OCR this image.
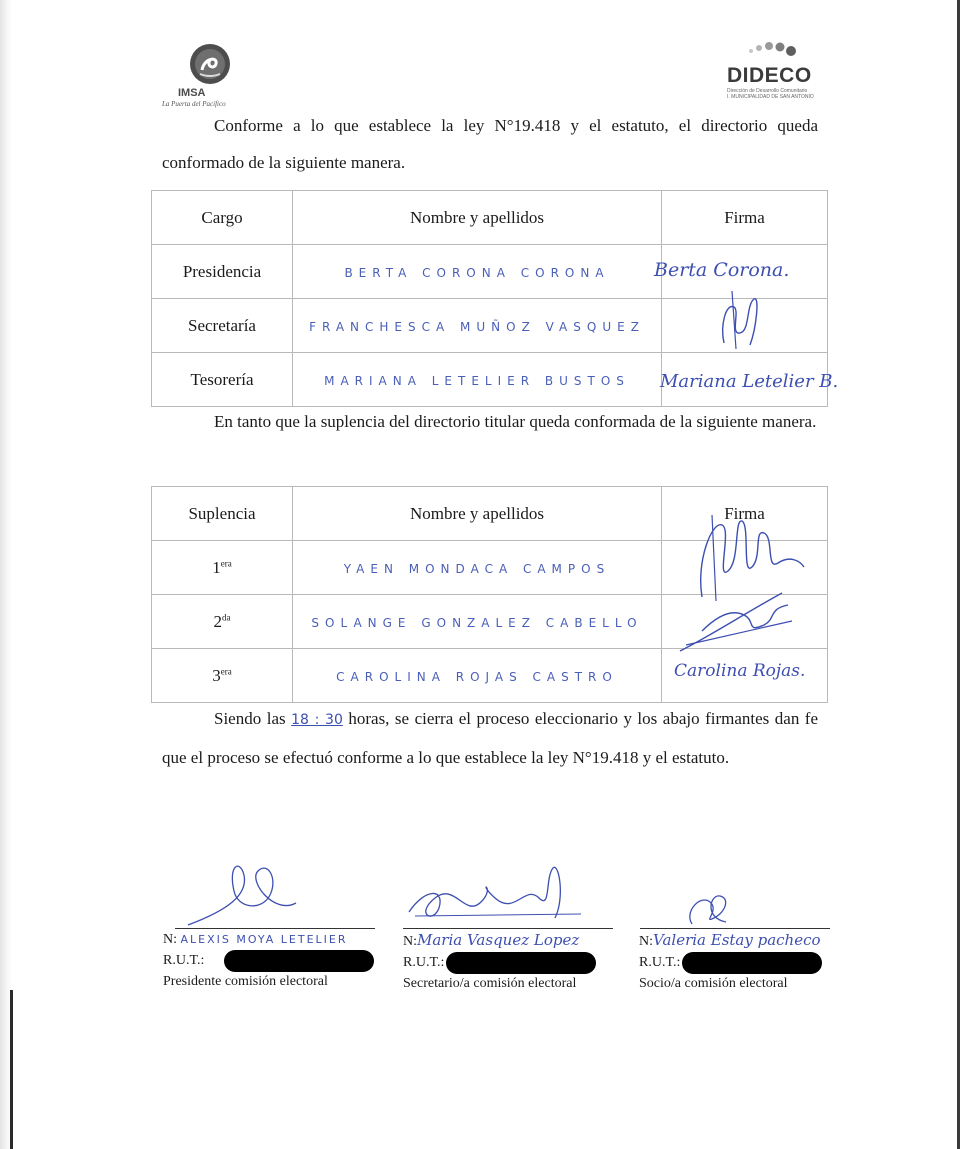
IMSA
La Puerta del Pacífico
DIDECO
Dirección de Desarrollo Comunitario
I. MUNICIPALIDAD DE SAN ANTONIO
Conforme a lo que establece la ley N°19.418 y el estatuto, el directorio queda conformado de la siguiente manera.
Cargo	Nombre y apellidos	Firma
Presidencia	BERTA CORONA CORONA	Berta Corona.

Secretaría	FRANCHESCA MUÑOZ VASQUEZ	

Tesorería	MARIANA LETELIER BUSTOS	Mariana Letelier B.
En tanto que la suplencia del directorio titular queda conformada de la siguiente manera.
Suplencia	Nombre y apellidos	Firma
$1^{era}$	YAEN MONDACA CAMPOS	

$2^{da}$	SOLANGE GONZALEZ CABELLO	

$3^{era}$	CAROLINA ROJAS CASTRO	Carolina Rojas.
Siendo las 18 : 30 horas, se cierra el proceso eleccionario y los abajo firmantes dan fe que el proceso se efectuó conforme a lo que establece la ley N°19.418 y el estatuto.
N: ALEXIS MOYA LETELIER
R.U.T.:
Presidente comisión electoral
N:Maria Vasquez Lopez
R.U.T.:
Secretario/a comisión electoral
N:Valeria Estay pacheco
R.U.T.:
Socio/a comisión electoral
